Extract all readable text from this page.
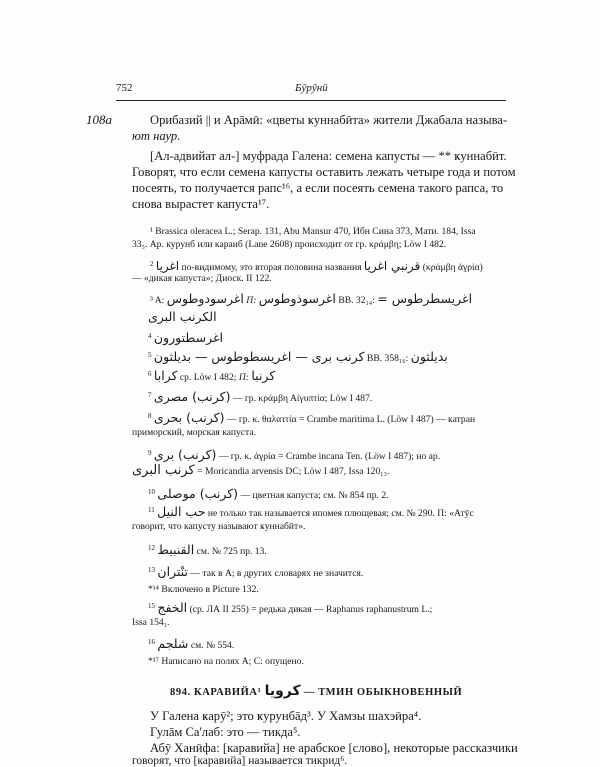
752	Бӯрӯнӣ
108а	Орибазий || и Арāмӣ: «цветы ҝуннабӣта» жители Джабала называ-
ют наур.
[Ал-адвийат ал-] муфрада Галена: семена капусты — ** ҝуннабӣт.
Говорят, что если семена капусты оставить лежать четыре года и потом
посеять, то получается рапс¹⁶, а если посеять семена такого рапса, то
снова вырастет капуста¹⁷.
¹ Brassica oleracea L.; Serap. 131, Abu Mansur 470, Ибн Сина 373, Мати. 184, Issa
33₅. Ар. курунб или караиб (Lane 2608) происходит от гр. κράμβη; Löw I 482.
$^2$ اغريا по-видимому, это вторая половина названия قرنبي اغريا (κράμβη ἀγρία)
— «дикая капуста»; Диоск. II 122.
³ A: اغرسودوطوس П: اغرسوذوطوس BB. 32₁₄: اغريسطرطوس =
الكرنب البرى
$^4$ اغرسطتورون
$^5$ كرنب برى — اغريسطوطوس — بديلثون BB. 358₁₆: بديلثون
$^6$ كرابا ср. Löw I 482; П: كرنبا
$^7$ (كرنب) مصرى — гр. κράμβη Αἰγυπτία; Löw I 487.
$^8$ (كرنب) بحرى — гр. κ. θαλαττία = Crambe maritima L. (Löw I 487) — катран
приморский, морская капуста.
$^9$ (كرنب) برى — гр. κ. ἀγρία = Crambe incana Ten. (Löw I 487); но ар.
كرنب البرى = Moricandia arvensis DC; Löw I 487, Issa 120₁₃.
$^{10}$ (كرنب) موصلى — цветная капуста; см. № 854 пр. 2.
$^{11}$ حب النيل не только так называется ипомея плющевая; см. № 290. П: «Атӯс
говорит, что капусту называют ҝуннабӣт».
$^{12}$ القنبيط см. № 725 пр. 13.
$^{13}$ تنْتران — так в A; в других словарях не значится.
*¹⁴ Включено в Picture 132.
$^{15}$ الخفج (ср. ЛА II 255) = редька дикая — Raphanus raphanustrum L.;
Issa 154₁.
$^{16}$ شلجم см. № 554.
*¹⁷ Написано на полях A; C: опущено.
894. КАРАВИЙА¹ كرويا — ТМИН ОБЫКНОВЕННЫЙ
У Галена ҝарӯ²; это ҝурунбāд³. У Хамзы шахэӣра⁴.
Гулāм Са'лаб: это — тикда⁵.
Абӯ Ханӣфа: [каравийа] не арабское [слово], некоторые рассказчики
говорят, что [каравийа] называется тикрид⁶.
